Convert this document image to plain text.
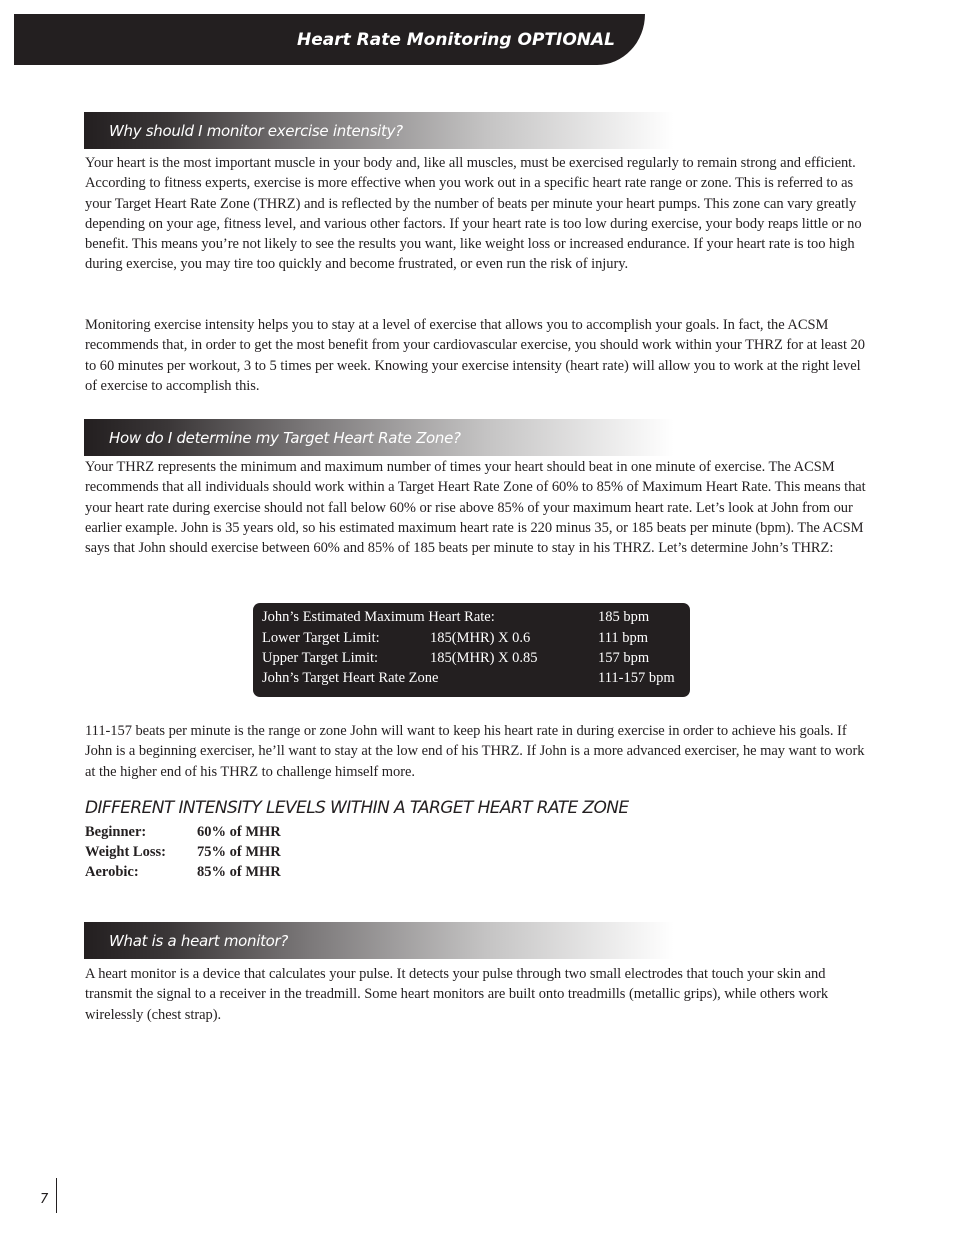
Heart Rate Monitoring OPTIONAL
Why should I monitor exercise intensity?

Your heart is the most important muscle in your body and, like all muscles, must be exercised regularly to remain strong and efficient. According to fitness experts, exercise is more effective when you work out in a specific heart rate range or zone. This is referred to as your Target Heart Rate Zone (THRZ) and is reflected by the number of beats per minute your heart pumps. This zone can vary greatly depending on your age, fitness level, and various other factors. If your heart rate is too low during exercise, your body reaps little or no benefit. This means you’re not likely to see the results you want, like weight loss or increased endurance. If your heart rate is too high during exercise, you may tire too quickly and become frustrated, or even run the risk of injury.

Monitoring exercise intensity helps you to stay at a level of exercise that allows you to accomplish your goals. In fact, the ACSM recommends that, in order to get the most benefit from your cardiovascular exercise, you should work within your THRZ for at least 20 to 60 minutes per workout, 3 to 5 times per week. Knowing your exercise intensity (heart rate) will allow you to work at the right level of exercise to accomplish this.

How do I determine my Target Heart Rate Zone?

Your THRZ represents the minimum and maximum number of times your heart should beat in one minute of exercise. The ACSM recommends that all individuals should work within a Target Heart Rate Zone of 60% to 85% of Maximum Heart Rate. This means that your heart rate during exercise should not fall below 60% or rise above 85% of your maximum heart rate. Let’s look at John from our earlier example. John is 35 years old, so his estimated maximum heart rate is 220 minus 35, or 185 beats per minute (bpm). The ACSM says that John should exercise between 60% and 85% of 185 beats per minute to stay in his THRZ. Let’s determine John’s THRZ:

John’s Estimated Maximum Heart Rate:	185 bpm
Lower Target Limit:	185(MHR) X 0.6	111 bpm
Upper Target Limit:	185(MHR) X 0.85	157 bpm
John’s Target Heart Rate Zone	111-157 bpm

111-157 beats per minute is the range or zone John will want to keep his heart rate in during exercise in order to achieve his goals. If John is a beginning exerciser, he’ll want to stay at the low end of his THRZ. If John is a more advanced exerciser, he may want to work at the higher end of his THRZ to challenge himself more.

DIFFERENT INTENSITY LEVELS WITHIN A TARGET HEART RATE ZONE
Beginner:	60% of MHR
Weight Loss: 75% of MHR
Aerobic:	85% of MHR
What is a heart monitor?

A heart monitor is a device that calculates your pulse. It detects your pulse through two small electrodes that touch your skin and transmit the signal to a receiver in the treadmill. Some heart monitors are built onto treadmills (metallic grips), while others work wirelessly (chest strap).

7
